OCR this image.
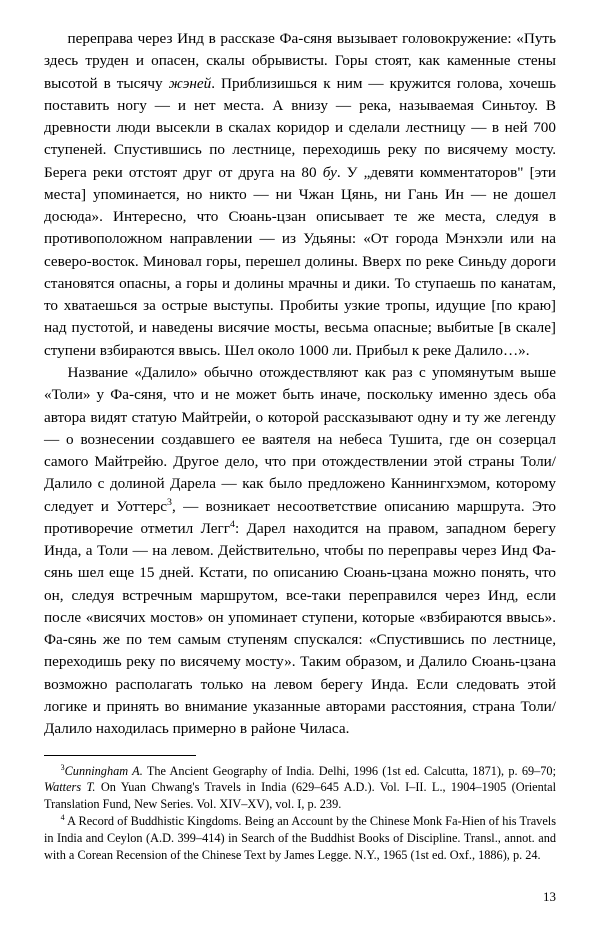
переправа через Инд в рассказе Фа-сяня вызывает головокружение: «Путь здесь труден и опасен, скалы обрывисты. Горы стоят, как каменные стены высотой в тысячу жэней. Приблизишься к ним — кружится голова, хочешь поставить ногу — и нет места. А внизу — река, называемая Синьтоу. В древности люди высекли в скалах коридор и сделали лестницу — в ней 700 ступеней. Спустившись по лестнице, переходишь реку по висячему мосту. Берега реки отстоят друг от друга на 80 бу. У „девяти комментаторов" [эти места] упоминается, но никто — ни Чжан Цянь, ни Гань Ин — не дошел досюда». Интересно, что Сюань-цзан описывает те же места, следуя в противоположном направлении — из Удьяны: «От города Мэнхэли или на северо-восток. Миновал горы, перешел долины. Вверх по реке Синьду дороги становятся опасны, а горы и долины мрачны и дики. То ступаешь по канатам, то хватаешься за острые выступы. Пробиты узкие тропы, идущие [по краю] над пустотой, и наведены висячие мосты, весьма опасные; выбитые [в скале] ступени взбираются ввысь. Шел около 1000 ли. Прибыл к реке Далило…».

Название «Далило» обычно отождествляют как раз с упомянутым выше «Толи» у Фа-сяня, что и не может быть иначе, поскольку именно здесь оба автора видят статую Майтрейи, о которой рассказывают одну и ту же легенду — о вознесении создавшего ее ваятеля на небеса Тушита, где он созерцал самого Майтрейю. Другое дело, что при отождествлении этой страны Толи/Далило с долиной Дарела — как было предложено Каннингхэмом, которому следует и Уоттерс$^3$, — возникает несоответствие описанию маршрута. Это противоречие отметил Легг$^4$: Дарел находится на правом, западном берегу Инда, а Толи — на левом. Действительно, чтобы по переправы через Инд Фа-сянь шел еще 15 дней. Кстати, по описанию Сюань-цзана можно понять, что он, следуя встречным маршрутом, все-таки переправился через Инд, если после «висячих мостов» он упоминает ступени, которые «взбираются ввысь». Фа-сянь же по тем самым ступеням спускался: «Спустившись по лестнице, переходишь реку по висячему мосту». Таким образом, и Далило Сюань-цзана возможно располагать только на левом берегу Инда. Если следовать этой логике и принять во внимание указанные авторами расстояния, страна Толи/Далило находилась примерно в районе Чиласа.

$^3$Cunningham A. The Ancient Geography of India. Delhi, 1996 (1st ed. Calcutta, 1871), p. 69–70; Watters T. On Yuan Chwang's Travels in India (629–645 A.D.). Vol. I–II. L., 1904–1905 (Oriental Translation Fund, New Series. Vol. XIV–XV), vol. I, p. 239.

$^4$ A Record of Buddhistic Kingdoms. Being an Account by the Chinese Monk Fa-Hien of his Travels in India and Ceylon (A.D. 399–414) in Search of the Buddhist Books of Discipline. Transl., annot. and with a Corean Recension of the Chinese Text by James Legge. N.Y., 1965 (1st ed. Oxf., 1886), p. 24.

13
